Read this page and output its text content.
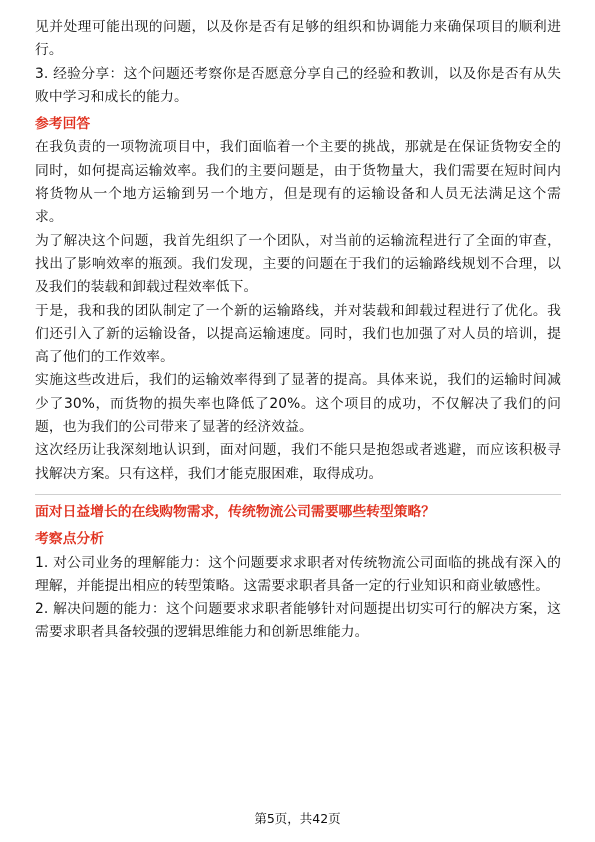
见并处理可能出现的问题，以及你是否有足够的组织和协调能力来确保项目的顺利进行。

3. 经验分享：这个问题还考察你是否愿意分享自己的经验和教训，以及你是否有从失败中学习和成长的能力。

参考回答

在我负责的一项物流项目中，我们面临着一个主要的挑战，那就是在保证货物安全的同时，如何提高运输效率。我们的主要问题是，由于货物量大，我们需要在短时间内将货物从一个地方运输到另一个地方，但是现有的运输设备和人员无法满足这个需求。

为了解决这个问题，我首先组织了一个团队，对当前的运输流程进行了全面的审查，找出了影响效率的瓶颈。我们发现，主要的问题在于我们的运输路线规划不合理，以及我们的装载和卸载过程效率低下。

于是，我和我的团队制定了一个新的运输路线，并对装载和卸载过程进行了优化。我们还引入了新的运输设备，以提高运输速度。同时，我们也加强了对人员的培训，提高了他们的工作效率。

实施这些改进后，我们的运输效率得到了显著的提高。具体来说，我们的运输时间减少了30%，而货物的损失率也降低了20%。这个项目的成功，不仅解决了我们的问题，也为我们的公司带来了显著的经济效益。

这次经历让我深刻地认识到，面对问题，我们不能只是抱怨或者逃避，而应该积极寻找解决方案。只有这样，我们才能克服困难，取得成功。

面对日益增长的在线购物需求，传统物流公司需要哪些转型策略？

考察点分析

1. 对公司业务的理解能力：这个问题要求求职者对传统物流公司面临的挑战有深入的理解，并能提出相应的转型策略。这需要求职者具备一定的行业知识和商业敏感性。

2. 解决问题的能力：这个问题要求求职者能够针对问题提出切实可行的解决方案，这需要求职者具备较强的逻辑思维能力和创新思维能力。

第5页，共42页
